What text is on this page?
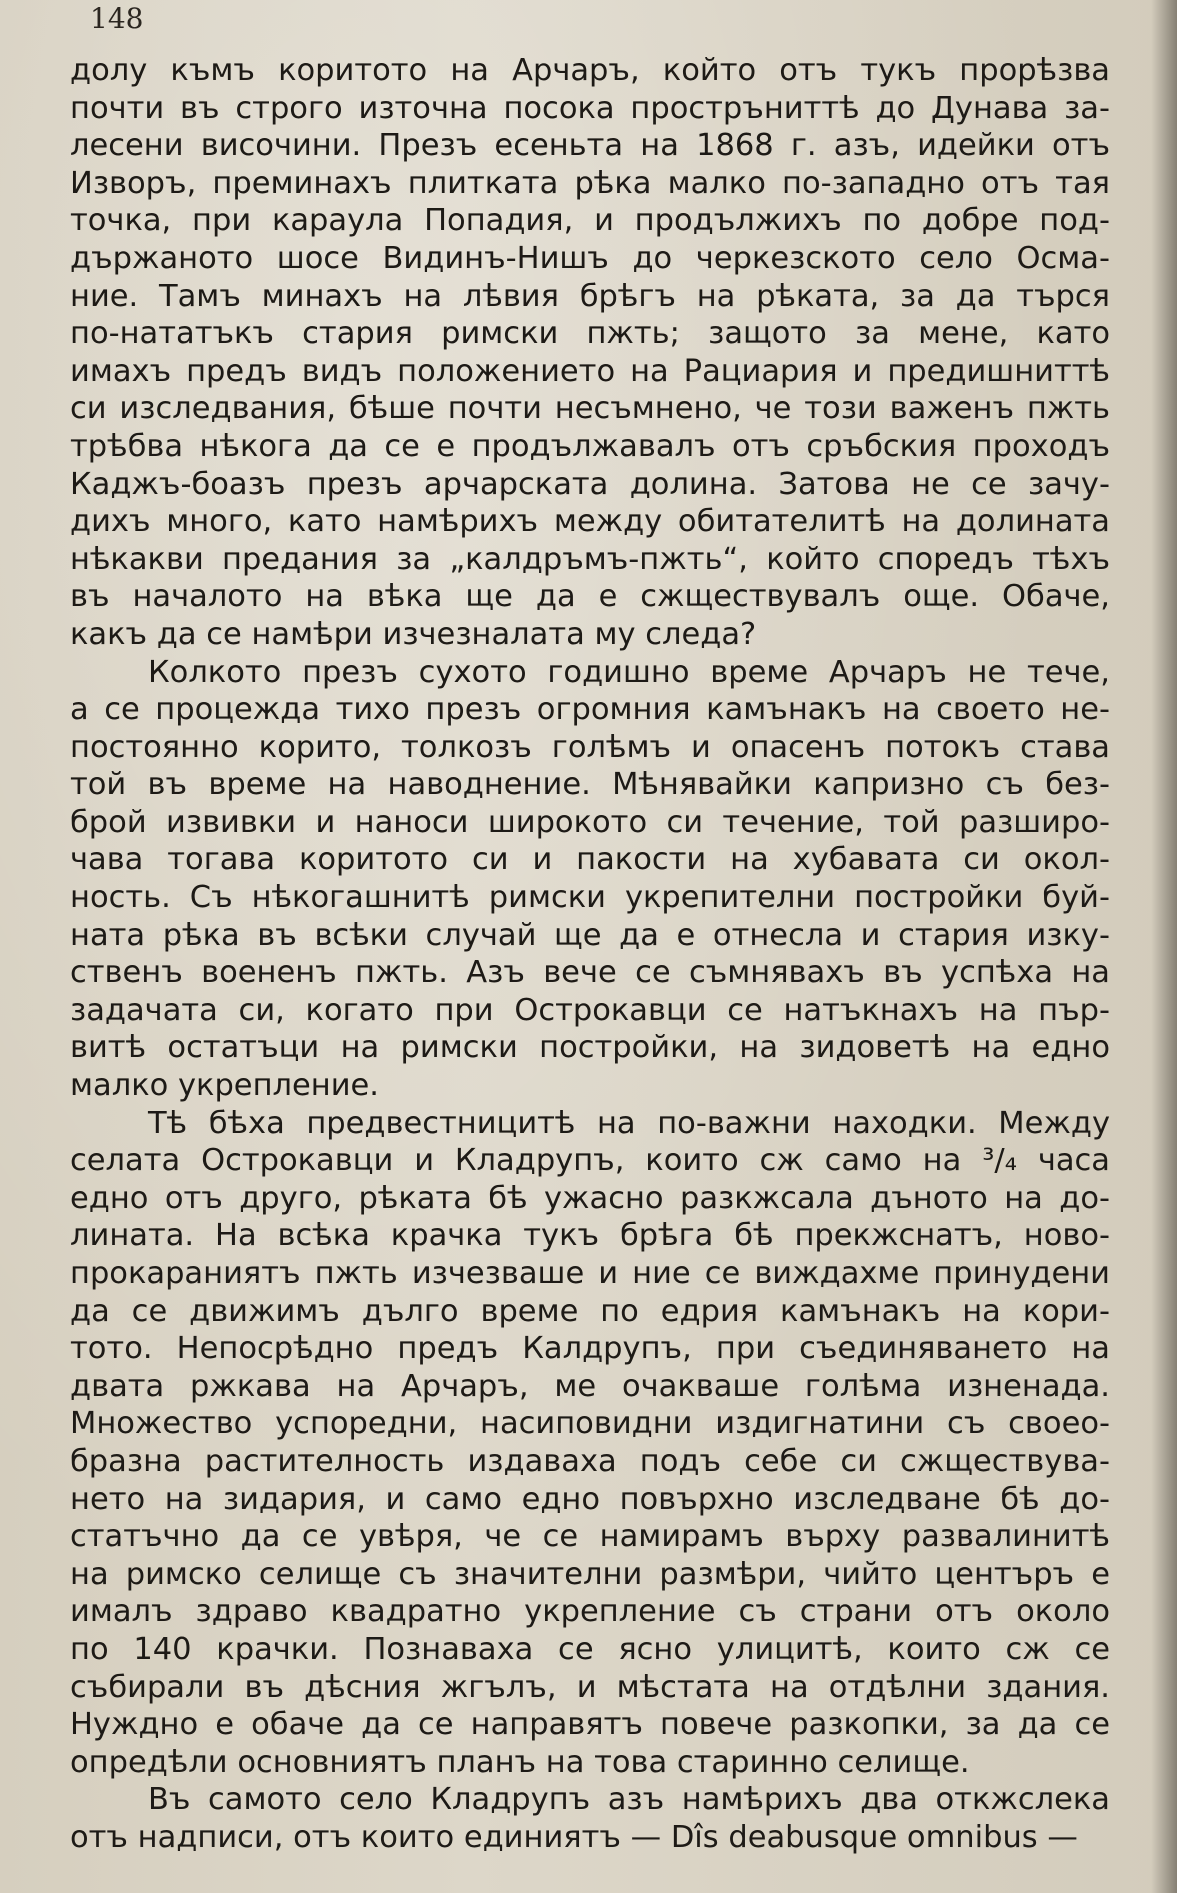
148
долу къмъ коритото на Арчаръ, който отъ тукъ прорѣзва
почти въ строго източна посока простръниттѣ до Дунава за-
лесени височини. Презъ есеньта на 1868 г. азъ, идейки отъ
Изворъ, преминахъ плитката рѣка малко по-западно отъ тая
точка, при караула Попадия, и продължихъ по добре под-
държаното шосе Видинъ-Нишъ до черкезското село Осма-
ние. Тамъ минахъ на лѣвия брѣгъ на рѣката, за да търся
по-нататъкъ стария римски пжть; защото за мене, като
имахъ предъ видъ положението на Рациария и предишниттѣ
си изследвания, бѣше почти несъмнено, че този важенъ пжть
трѣбва нѣкога да се е продължавалъ отъ сръбския проходъ
Каджъ-боазъ презъ арчарската долина. Затова не се зачу-
дихъ много, като намѣрихъ между обитателитѣ на долината
нѣкакви предания за „калдръмъ-пжть“, който споредъ тѣхъ
въ началото на вѣка ще да е сжществувалъ още. Обаче,
какъ да се намѣри изчезналата му следа?
Колкото презъ сухото годишно време Арчаръ не тече,
а се процежда тихо презъ огромния камънакъ на своето не-
постоянно корито, толкозъ голѣмъ и опасенъ потокъ става
той въ време на наводнение. Мѣнявайки капризно съ без-
брой извивки и наноси широкото си течение, той разширо-
чава тогава коритото си и пакости на хубавата си окол-
ность. Съ нѣкогашнитѣ римски укрепителни постройки буй-
ната рѣка въ всѣки случай ще да е отнесла и стария изку-
ственъ воененъ пжть. Азъ вече се съмнявахъ въ успѣха на
задачата си, когато при Острокавци се натъкнахъ на пър-
витѣ остатъци на римски постройки, на зидоветѣ на едно
малко укрепление.
Тѣ бѣха предвестницитѣ на по-важни находки. Между
селата Острокавци и Кладрупъ, които сж само на ³/₄ часа
едно отъ друго, рѣката бѣ ужасно разкжсала дъното на до-
лината. На всѣка крачка тукъ брѣга бѣ прекжснатъ, ново-
прокараниятъ пжть изчезваше и ние се виждахме принудени
да се движимъ дълго време по едрия камънакъ на кори-
тото. Непосрѣдно предъ Калдрупъ, при съединяването на
двата ржкава на Арчаръ, ме очакваше голѣма изненада.
Множество успоредни, насиповидни издигнатини съ своео-
бразна растителность издаваха подъ себе си сжществува-
нето на зидария, и само едно повърхно изследване бѣ до-
статъчно да се увѣря, че се намирамъ върху развалинитѣ
на римско селище съ значителни размѣри, чийто центъръ е
ималъ здраво квадратно укрепление съ страни отъ около
по 140 крачки. Познаваха се ясно улицитѣ, които сж се
събирали въ дѣсния жгълъ, и мѣстата на отдѣлни здания.
Нуждно е обаче да се направятъ повече разкопки, за да се
опредѣли основниятъ планъ на това старинно селище.
Въ самото село Кладрупъ азъ намѣрихъ два откжслека
отъ надписи, отъ които единиятъ — Dîs deabusque omnibus —
